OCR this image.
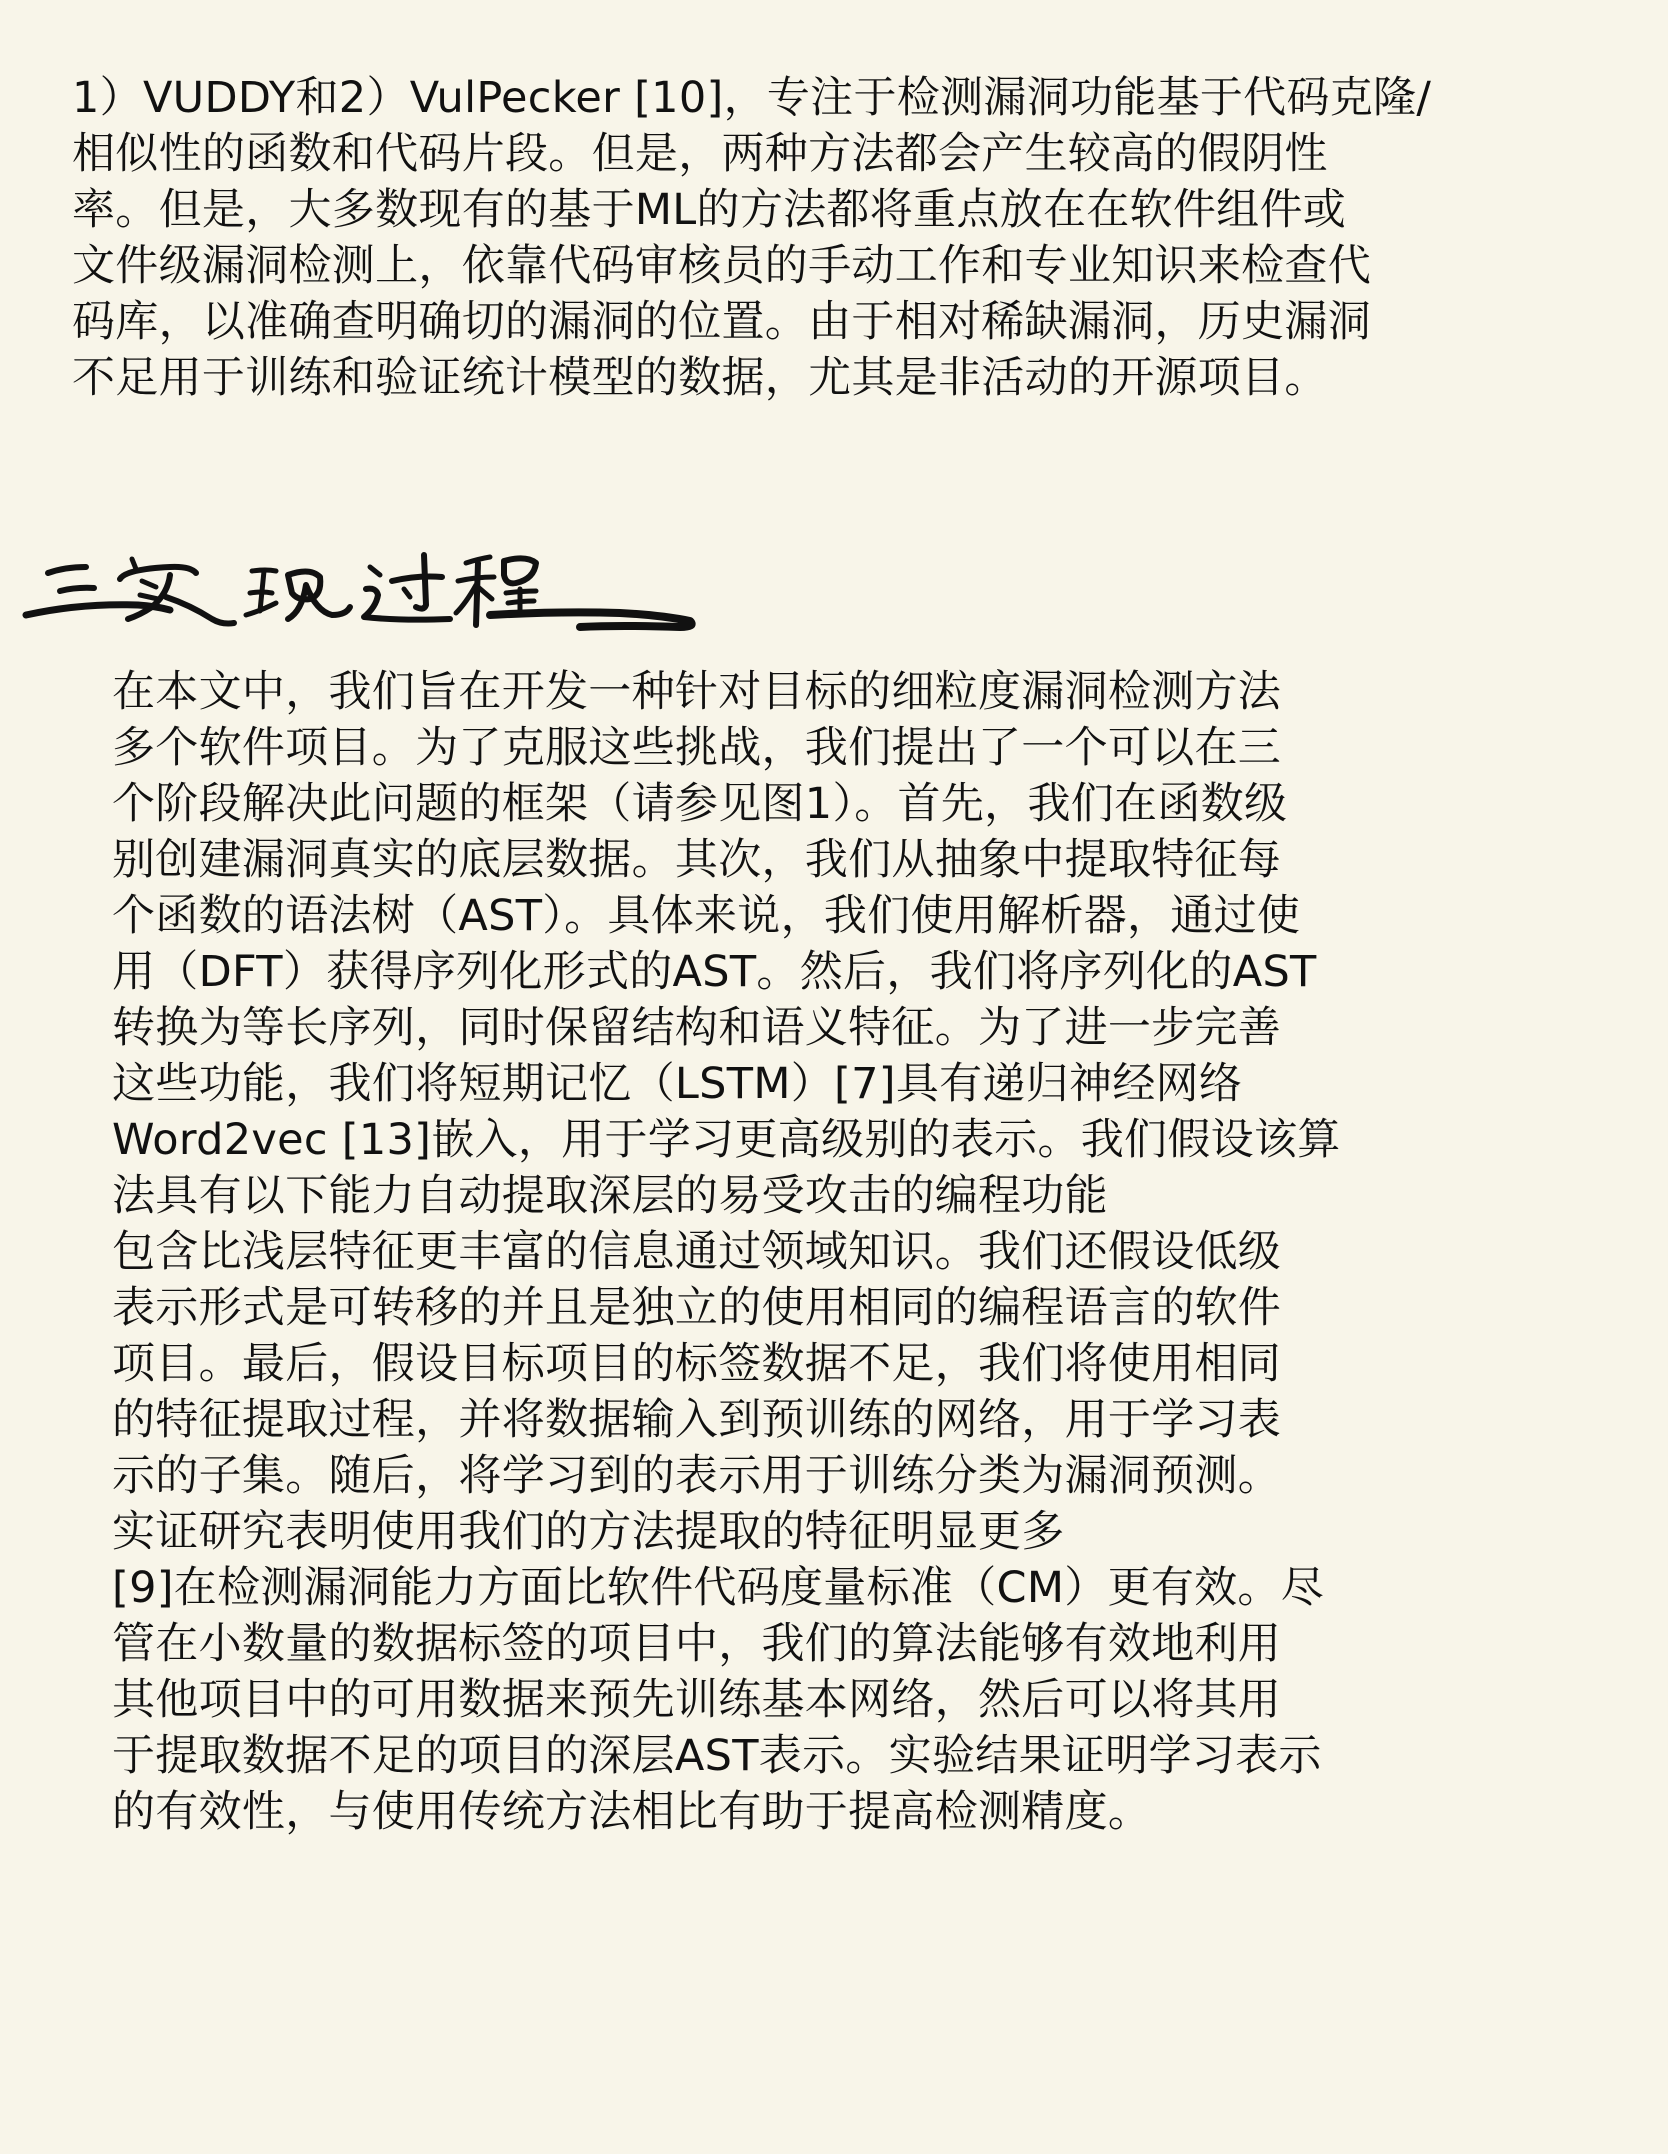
1）VUDDY和2）VulPecker [10]，专注于检测漏洞功能基于代码克隆/
相似性的函数和代码片段。但是，两种方法都会产生较高的假阴性
率。但是，大多数现有的基于ML的方法都将重点放在在软件组件或
文件级漏洞检测上，依靠代码审核员的手动工作和专业知识来检查代
码库，以准确查明确切的漏洞的位置。由于相对稀缺漏洞，历史漏洞
不足用于训练和验证统计模型的数据，尤其是非活动的开源项目。
在本文中，我们旨在开发一种针对目标的细粒度漏洞检测方法
多个软件项目。为了克服这些挑战，我们提出了一个可以在三
个阶段解决此问题的框架（请参见图1）。首先，我们在函数级
别创建漏洞真实的底层数据。其次，我们从抽象中提取特征每
个函数的语法树（AST）。具体来说，我们使用解析器，通过使
用（DFT）获得序列化形式的AST。然后，我们将序列化的AST
转换为等长序列，同时保留结构和语义特征。为了进一步完善
这些功能，我们将短期记忆（LSTM）[7]具有递归神经网络
Word2vec [13]嵌入，用于学习更高级别的表示。我们假设该算
法具有以下能力自动提取深层的易受攻击的编程功能
包含比浅层特征更丰富的信息通过领域知识。我们还假设低级
表示形式是可转移的并且是独立的使用相同的编程语言的软件
项目。最后，假设目标项目的标签数据不足，我们将使用相同
的特征提取过程，并将数据输入到预训练的网络，用于学习表
示的子集。随后，将学习到的表示用于训练分类为漏洞预测。
实证研究表明使用我们的方法提取的特征明显更多
[9]在检测漏洞能力方面比软件代码度量标准（CM）更有效。尽
管在小数量的数据标签的项目中，我们的算法能够有效地利用
其他项目中的可用数据来预先训练基本网络，然后可以将其用
于提取数据不足的项目的深层AST表示。实验结果证明学习表示
的有效性，与使用传统方法相比有助于提高检测精度。
